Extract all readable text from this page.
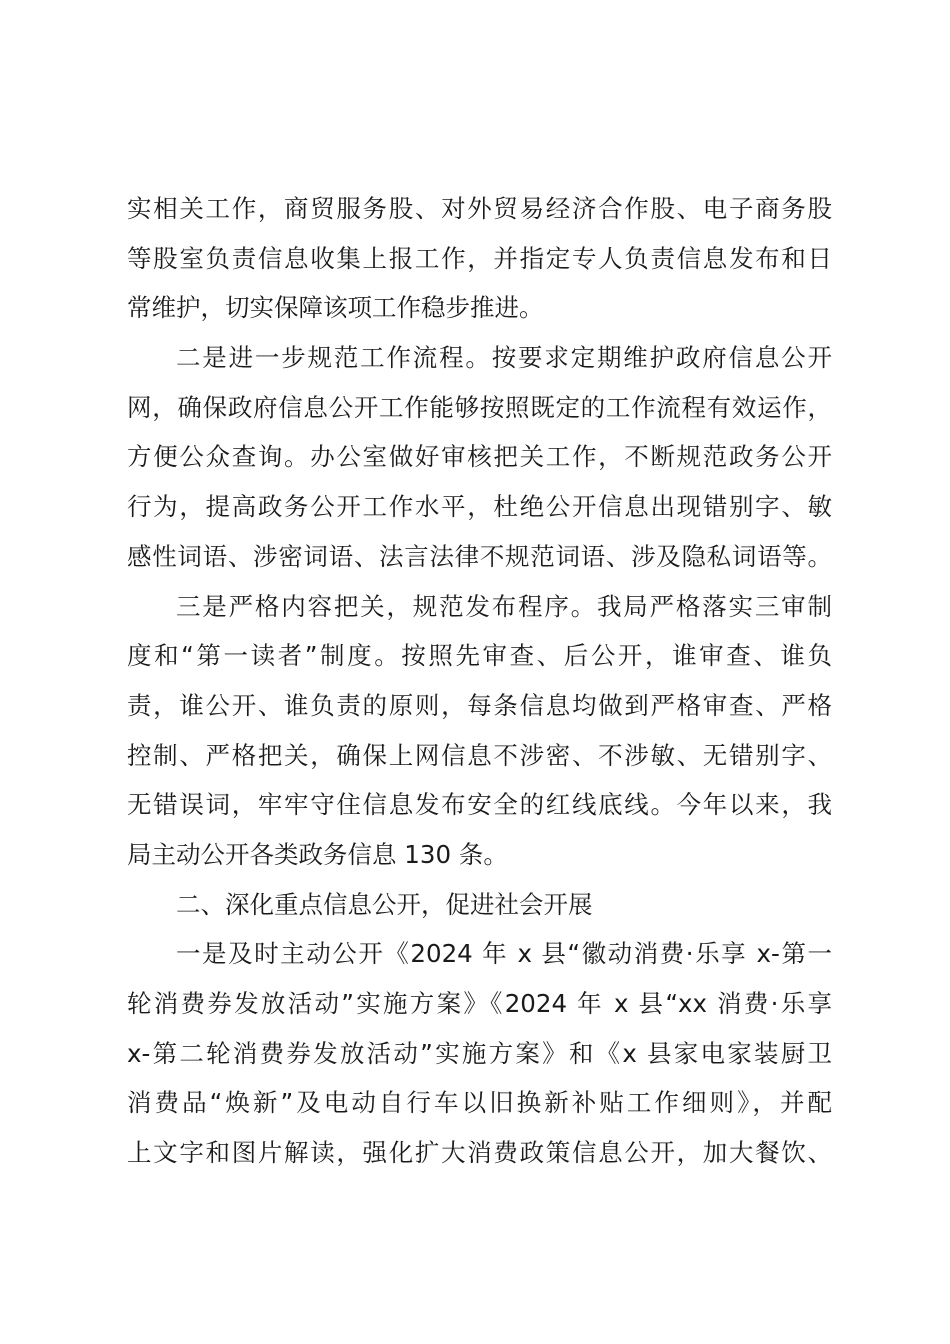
实相关工作，商贸服务股、对外贸易经济合作股、电子商务股
等股室负责信息收集上报工作，并指定专人负责信息发布和日
常维护，切实保障该项工作稳步推进。
二是进一步规范工作流程。按要求定期维护政府信息公开
网，确保政府信息公开工作能够按照既定的工作流程有效运作，
方便公众查询。办公室做好审核把关工作，不断规范政务公开
行为，提高政务公开工作水平，杜绝公开信息出现错别字、敏
感性词语、涉密词语、法言法律不规范词语、涉及隐私词语等。
三是严格内容把关，规范发布程序。我局严格落实三审制
度和“第一读者”制度。按照先审查、后公开，谁审查、谁负
责，谁公开、谁负责的原则，每条信息均做到严格审查、严格
控制、严格把关，确保上网信息不涉密、不涉敏、无错别字、
无错误词，牢牢守住信息发布安全的红线底线。今年以来，我
局主动公开各类政务信息 130 条。
二、深化重点信息公开，促进社会开展
一是及时主动公开《2024 年 x 县“徽动消费·乐享 x-第一
轮消费券发放活动”实施方案》《2024 年 x 县“xx 消费·乐享
x-第二轮消费券发放活动”实施方案》和《x 县家电家装厨卫
消费品“焕新”及电动自行车以旧换新补贴工作细则》，并配
上文字和图片解读，强化扩大消费政策信息公开，加大餐饮、
